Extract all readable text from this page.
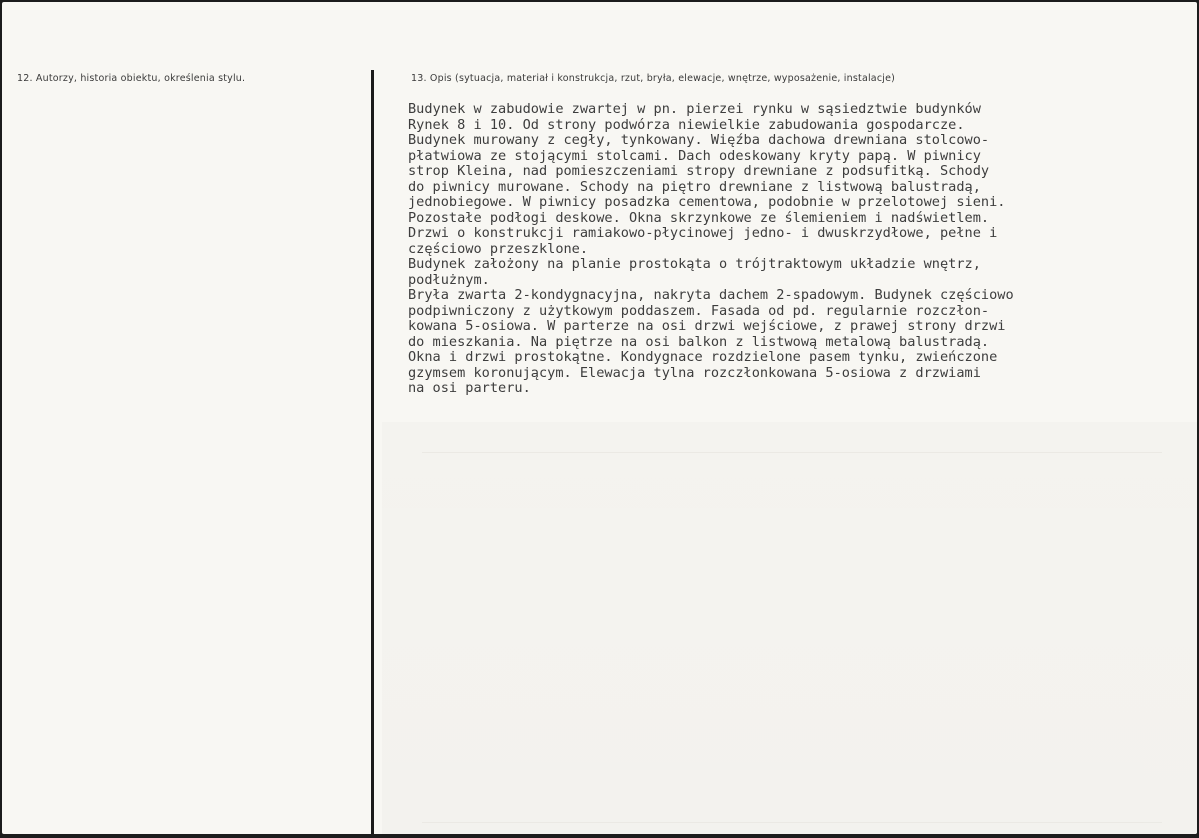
12. Autorzy, historia obiektu, określenia stylu.	13. Opis (sytuacja, materiał i konstrukcja, rzut, bryła, elewacje, wnętrze, wyposażenie, instalacje)
Budynek w zabudowie zwartej w pn. pierzei rynku w sąsiedztwie budynków
Rynek 8 i 10. Od strony podwórza niewielkie zabudowania gospodarcze.
Budynek murowany z cegły, tynkowany. Więźba dachowa drewniana stolcowo-
płatwiowa ze stojącymi stolcami. Dach odeskowany kryty papą. W piwnicy
strop Kleina, nad pomieszczeniami stropy drewniane z podsufitką. Schody
do piwnicy murowane. Schody na piętro drewniane z listwową balustradą,
jednobiegowe. W piwnicy posadzka cementowa, podobnie w przelotowej sieni.
Pozostałe podłogi deskowe. Okna skrzynkowe ze ślemieniem i nadświetlem.
Drzwi o konstrukcji ramiakowo-płycinowej jedno- i dwuskrzydłowe, pełne i
częściowo przeszklone.
Budynek założony na planie prostokąta o trójtraktowym układzie wnętrz,
podłużnym.
Bryła zwarta 2-kondygnacyjna, nakryta dachem 2-spadowym. Budynek częściowo
podpiwniczony z użytkowym poddaszem. Fasada od pd. regularnie rozczłon-
kowana 5-osiowa. W parterze na osi drzwi wejściowe, z prawej strony drzwi
do mieszkania. Na piętrze na osi balkon z listwową metalową balustradą.
Okna i drzwi prostokątne. Kondygnace rozdzielone pasem tynku, zwieńczone
gzymsem koronującym. Elewacja tylna rozczłonkowana 5-osiowa z drzwiami
na osi parteru.
